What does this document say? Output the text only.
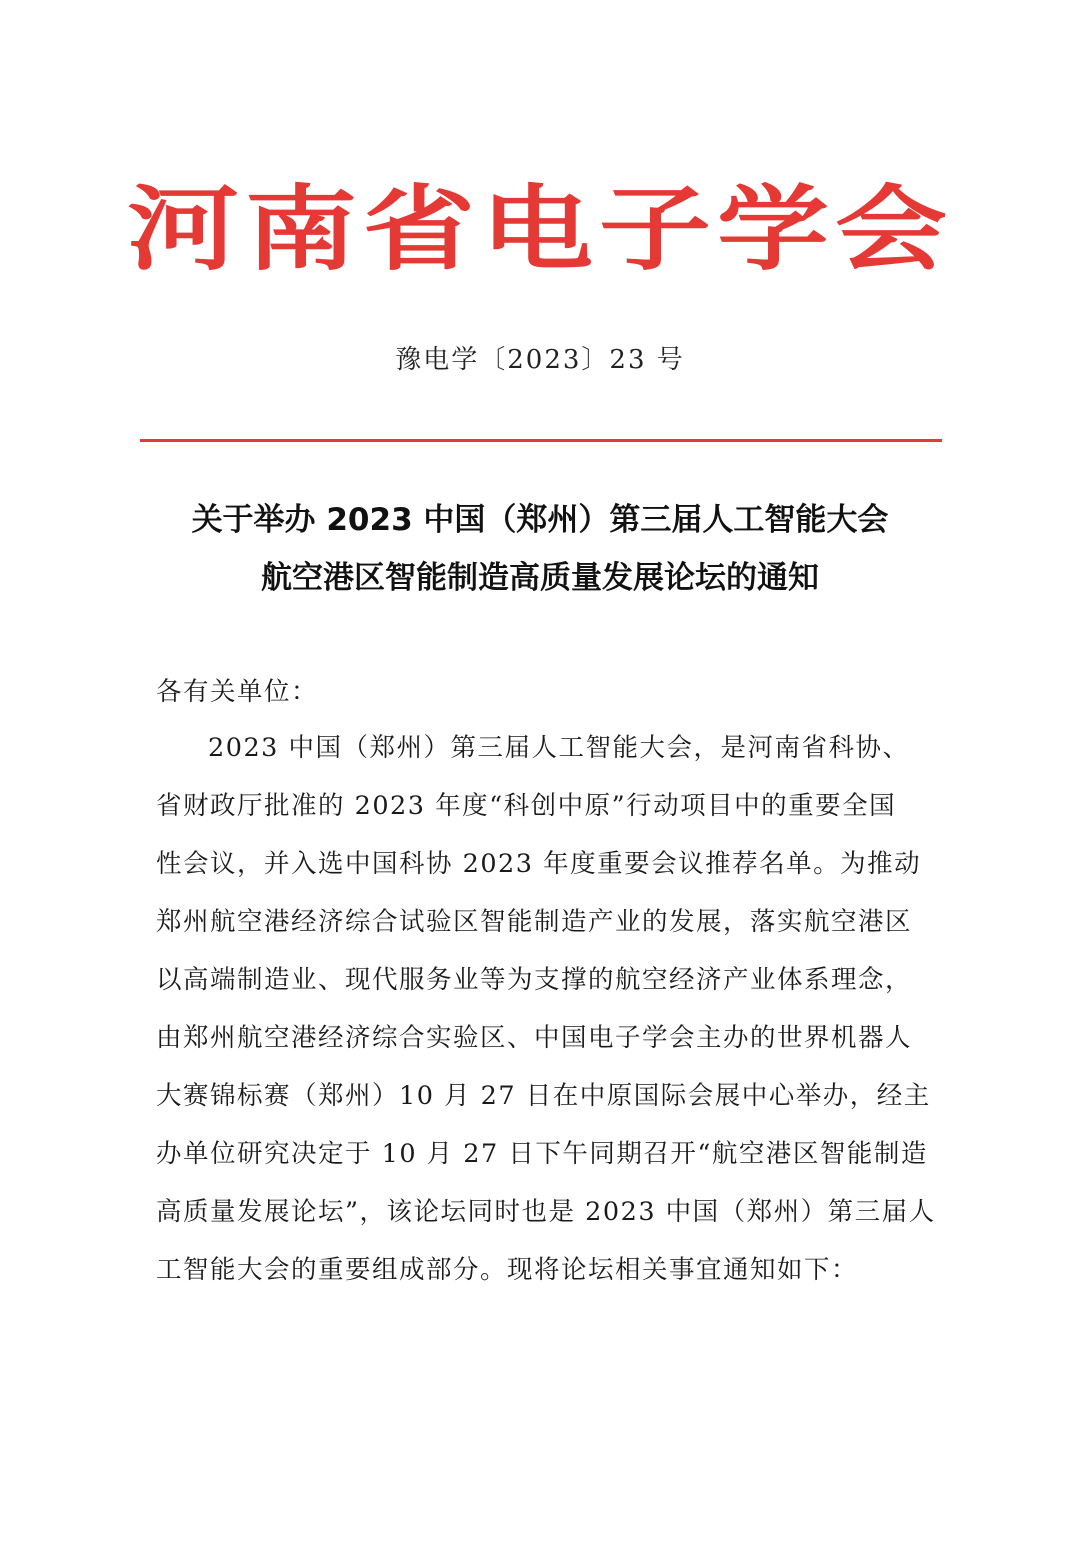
河南省电子学会
豫电学〔2023〕23 号
关于举办 2023 中国（郑州）第三届人工智能大会
航空港区智能制造高质量发展论坛的通知
各有关单位：
2023 中国（郑州）第三届人工智能大会，是河南省科协、
省财政厅批准的 2023 年度“科创中原”行动项目中的重要全国
性会议，并入选中国科协 2023 年度重要会议推荐名单。为推动
郑州航空港经济综合试验区智能制造产业的发展，落实航空港区
以高端制造业、现代服务业等为支撑的航空经济产业体系理念，
由郑州航空港经济综合实验区、中国电子学会主办的世界机器人
大赛锦标赛（郑州）10 月 27 日在中原国际会展中心举办，经主
办单位研究决定于 10 月 27 日下午同期召开“航空港区智能制造
高质量发展论坛”，该论坛同时也是 2023 中国（郑州）第三届人
工智能大会的重要组成部分。现将论坛相关事宜通知如下：
